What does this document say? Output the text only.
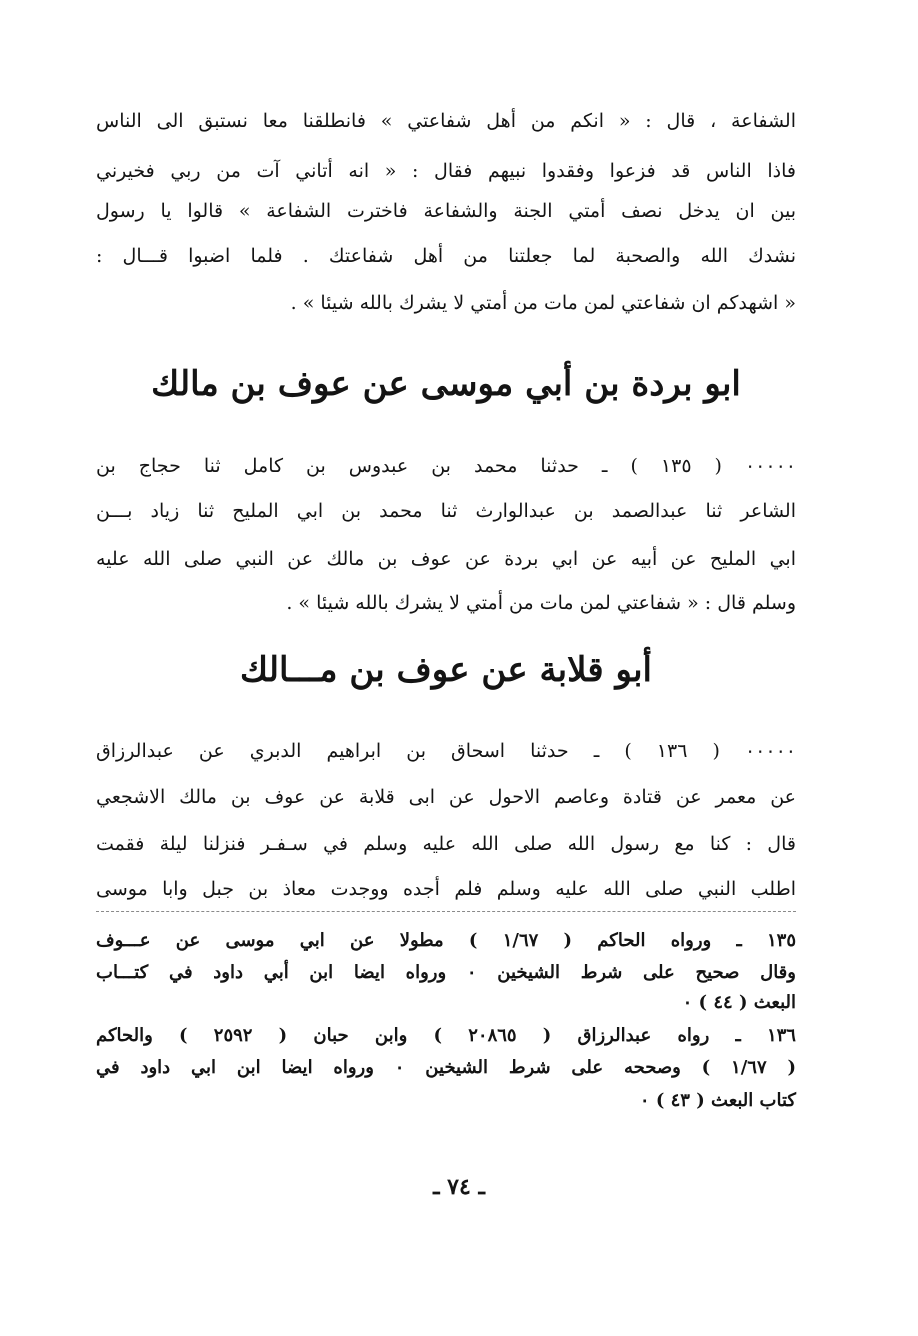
الشفاعة ، قال : « انكم من أهل شفاعتي » فانطلقنا معا نستبق الى الناس
فاذا الناس قد فزعوا وفقدوا نبيهم فقال : « انه أتاني آت من ربي فخيرني
بين ان يدخل نصف أمتي الجنة والشفاعة فاخترت الشفاعة » قالوا يا رسول
نشدك الله والصحبة لما جعلتنا من أهل شفاعتك . فلما اضبوا قـــال :
« اشهدكم ان شفاعتي لمن مات من أمتي لا يشرك بالله شيئا » .
ابو بردة بن أبي موسى عن عوف بن مالك
٠٠٠٠٠ ( ١٣٥ ) ـ حدثنا محمد بن عبدوس بن كامل ثنا حجاج بن
الشاعر ثنا عبدالصمد بن عبدالوارث ثنا محمد بن ابي المليح ثنا زياد بـــن
ابي المليح عن أبيه عن ابي بردة عن عوف بن مالك عن النبي صلى الله عليه
وسلم قال : « شفاعتي لمن مات من أمتي لا يشرك بالله شيئا » .
أبو قلابة عن عوف بن مـــالك
٠٠٠٠٠ ( ١٣٦ ) ـ حدثنا اسحاق بن ابراهيم الدبري عن عبدالرزاق
عن معمر عن قتادة وعاصم الاحول عن ابى قلابة عن عوف بن مالك الاشجعي
قال : كنا مع رسول الله صلى الله عليه وسلم في سـفـر فنزلنا ليلة فقمت
اطلب النبي صلى الله عليه وسلم فلم أجده ووجدت معاذ بن جبل وابا موسى
١٣٥ ـ ورواه الحاكم ( ١/٦٧ ) مطولا عن ابي موسى عن عـــوف
وقال صحيح على شرط الشيخين ٠ ورواه ايضا ابن أبي داود في كتـــاب
البعث ( ٤٤ ) ٠
١٣٦ ـ رواه عبدالرزاق ( ٢٠٨٦٥ ) وابن حبان ( ٢٥٩٢ ) والحاكم
( ١/٦٧ ) وصححه على شرط الشيخين ٠ ورواه ايضا ابن ابي داود في
كتاب البعث ( ٤٣ ) ٠
ـ ٧٤ ـ
